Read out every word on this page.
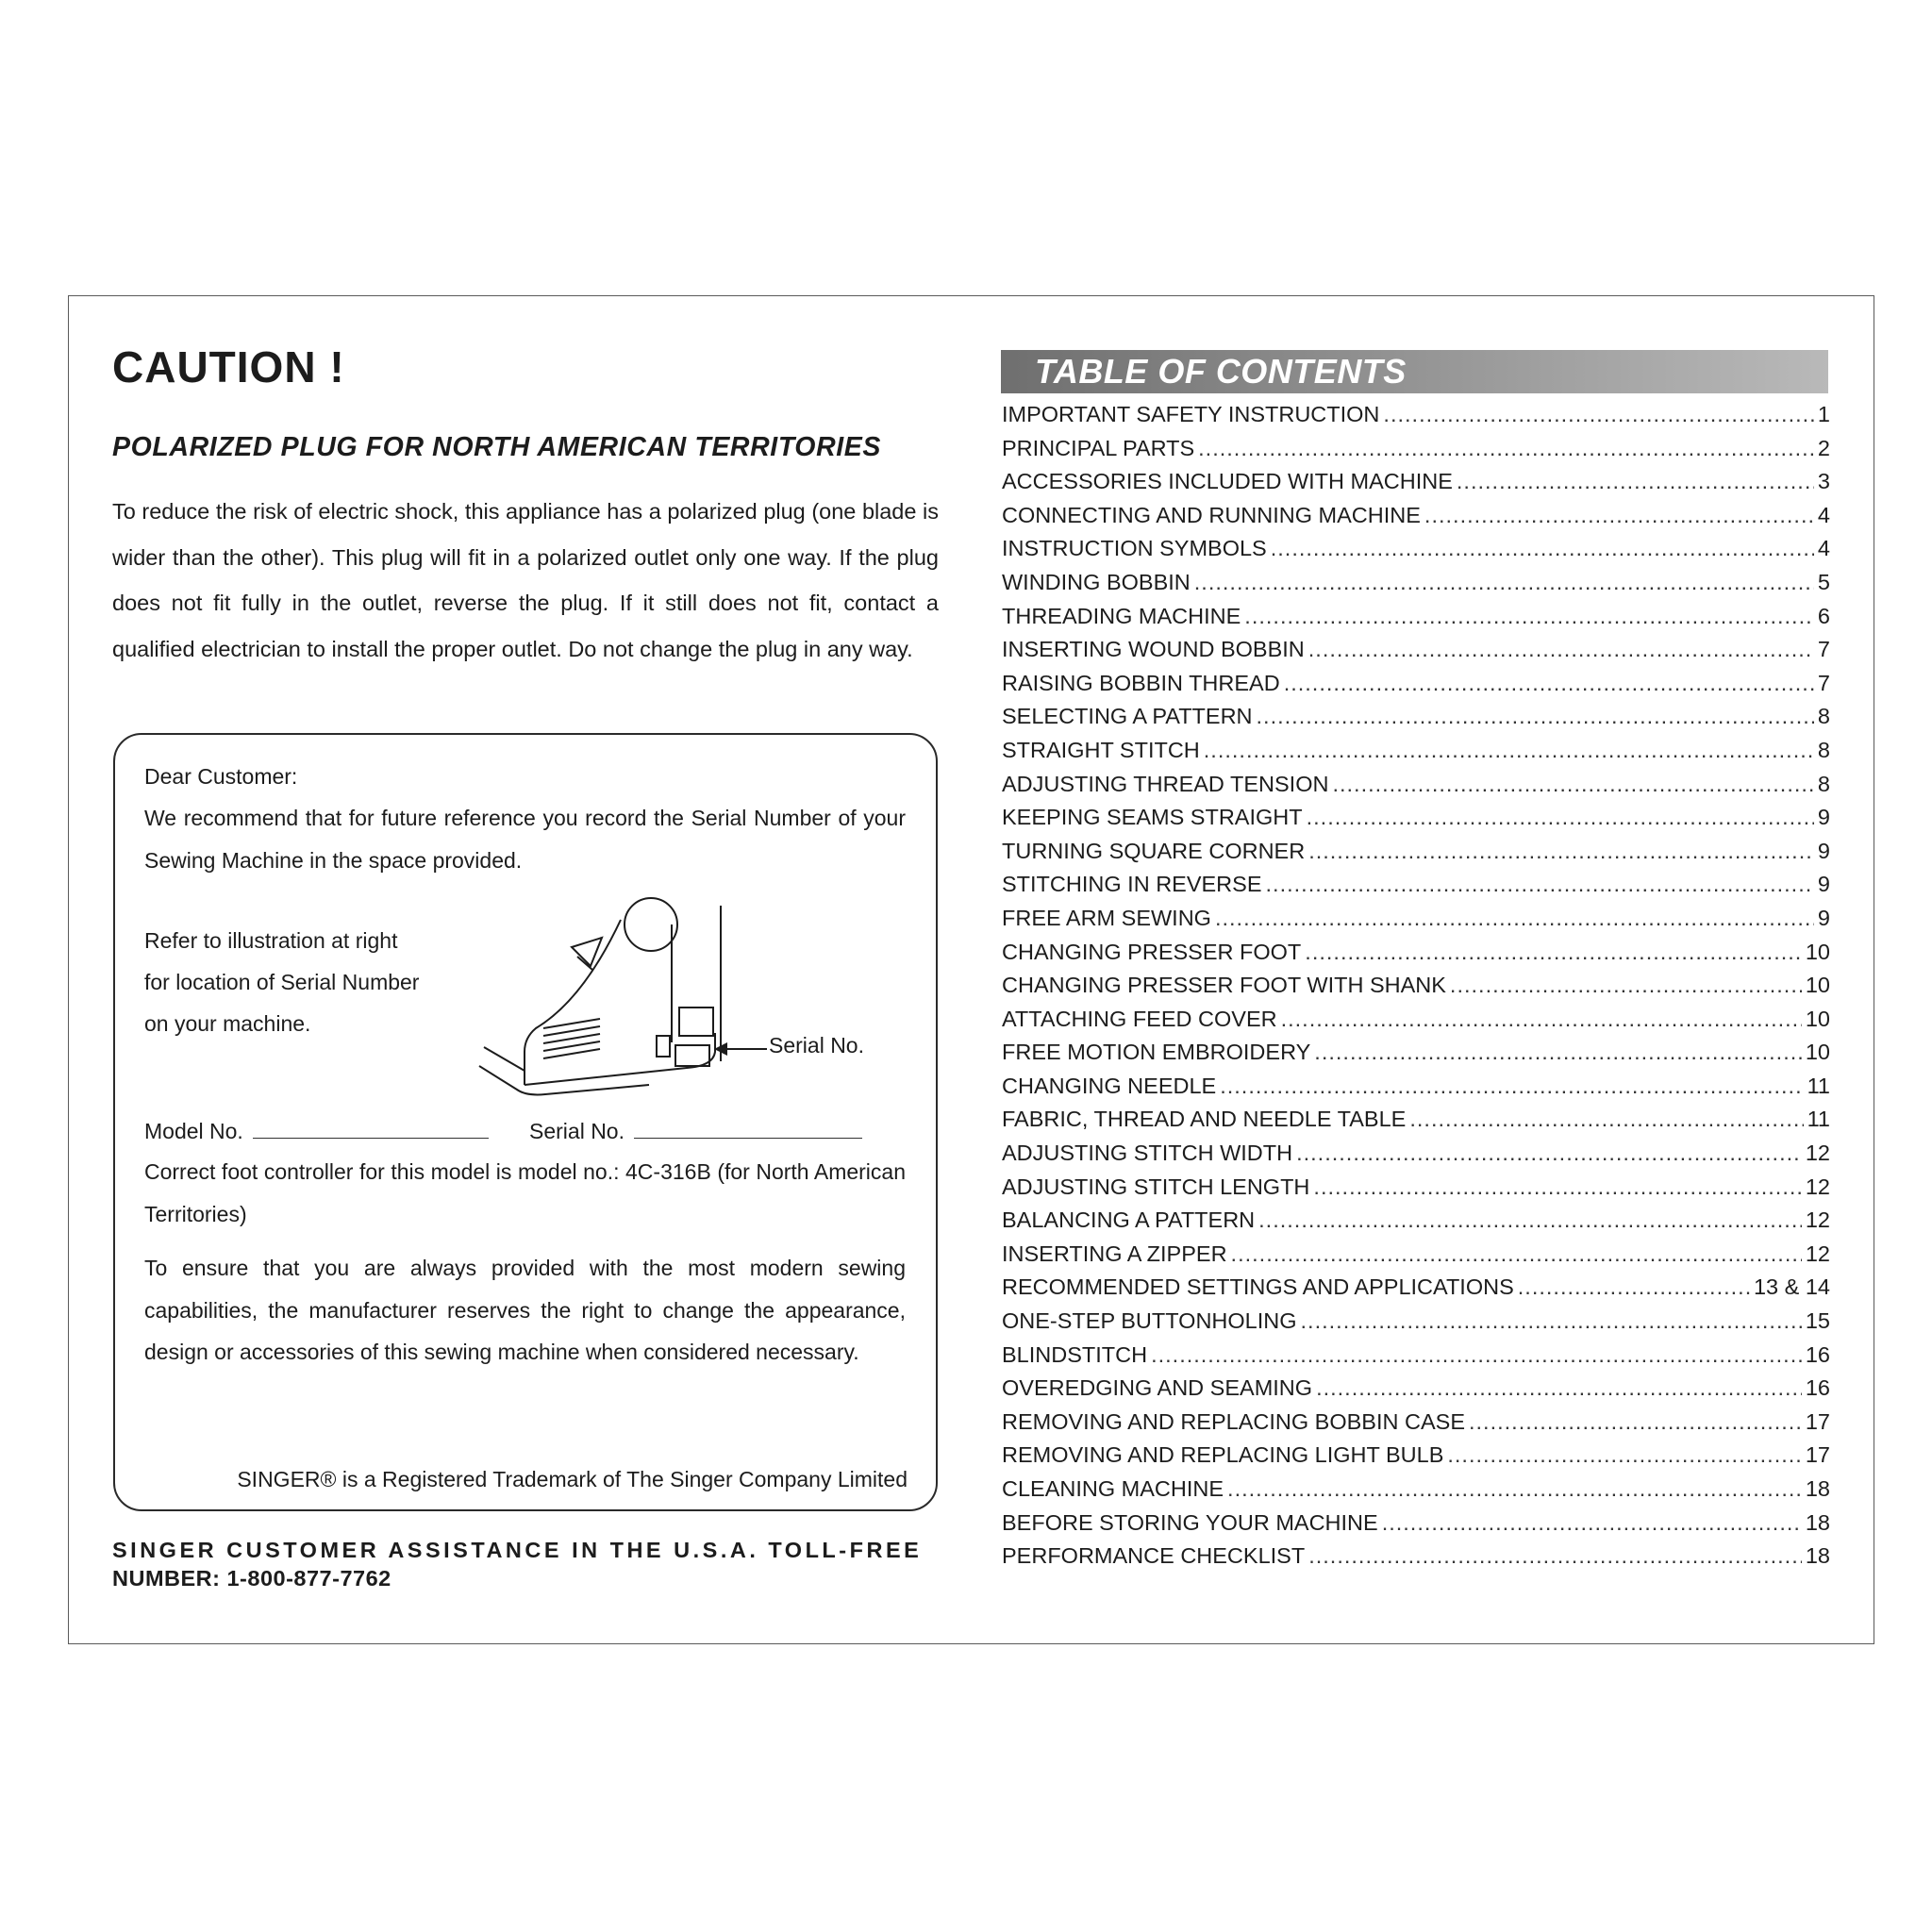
CAUTION !
POLARIZED PLUG FOR NORTH AMERICAN TERRITORIES

To reduce the risk of electric shock, this appliance has a polarized plug (one blade is wider than the other). This plug will fit in a polarized outlet only one way. If the plug does not fit fully in the outlet, reverse the plug. If it still does not fit, contact a qualified electrician to install the proper outlet. Do not change the plug in any way.

Dear Customer:

We recommend that for future reference you record the Serial Number of your Sewing Machine in the space provided.

Refer to illustration at right
for location of Serial Number
on your machine.
Serial No.
Model No.	Serial No.

Correct foot controller for this model is model no.: 4C-316B (for North American Territories)

To ensure that you are always provided with the most modern sewing capabilities, the manufacturer reserves the right to change the appearance, design or accessories of this sewing machine when considered necessary.

SINGER® is a Registered Trademark of The Singer Company Limited

SINGER CUSTOMER ASSISTANCE IN THE U.S.A. TOLL-FREE
NUMBER: 1-800-877-7762

TABLE OF CONTENTS
IMPORTANT SAFETY INSTRUCTION .....	1
PRINCIPAL PARTS .....	2
ACCESSORIES INCLUDED WITH MACHINE .....	3
CONNECTING AND RUNNING MACHINE .....	4
INSTRUCTION SYMBOLS .....	4
WINDING BOBBIN .....	5
THREADING MACHINE .....	6
INSERTING WOUND BOBBIN .....	7
RAISING BOBBIN THREAD .....	7
SELECTING A PATTERN .....	8
STRAIGHT STITCH .....	8
ADJUSTING THREAD TENSION .....	8
KEEPING SEAMS STRAIGHT .....	9
TURNING SQUARE CORNER .....	9
STITCHING IN REVERSE .....	9
FREE ARM SEWING .....	9
CHANGING PRESSER FOOT .....	10
CHANGING PRESSER FOOT WITH SHANK .....	10
ATTACHING FEED COVER .....	10
FREE MOTION EMBROIDERY .....	10
CHANGING NEEDLE .....	11
FABRIC, THREAD AND NEEDLE TABLE .....	11
ADJUSTING STITCH WIDTH .....	12
ADJUSTING STITCH LENGTH .....	12
BALANCING A PATTERN .....	12
INSERTING A ZIPPER .....	12
RECOMMENDED SETTINGS AND APPLICATIONS .....	13 & 14
ONE-STEP BUTTONHOLING .....	15
BLINDSTITCH .....	16
OVEREDGING AND SEAMING .....	16
REMOVING AND REPLACING BOBBIN CASE .....	17
REMOVING AND REPLACING LIGHT BULB .....	17
CLEANING MACHINE .....	18
BEFORE STORING YOUR MACHINE .....	18
PERFORMANCE CHECKLIST .....	18
